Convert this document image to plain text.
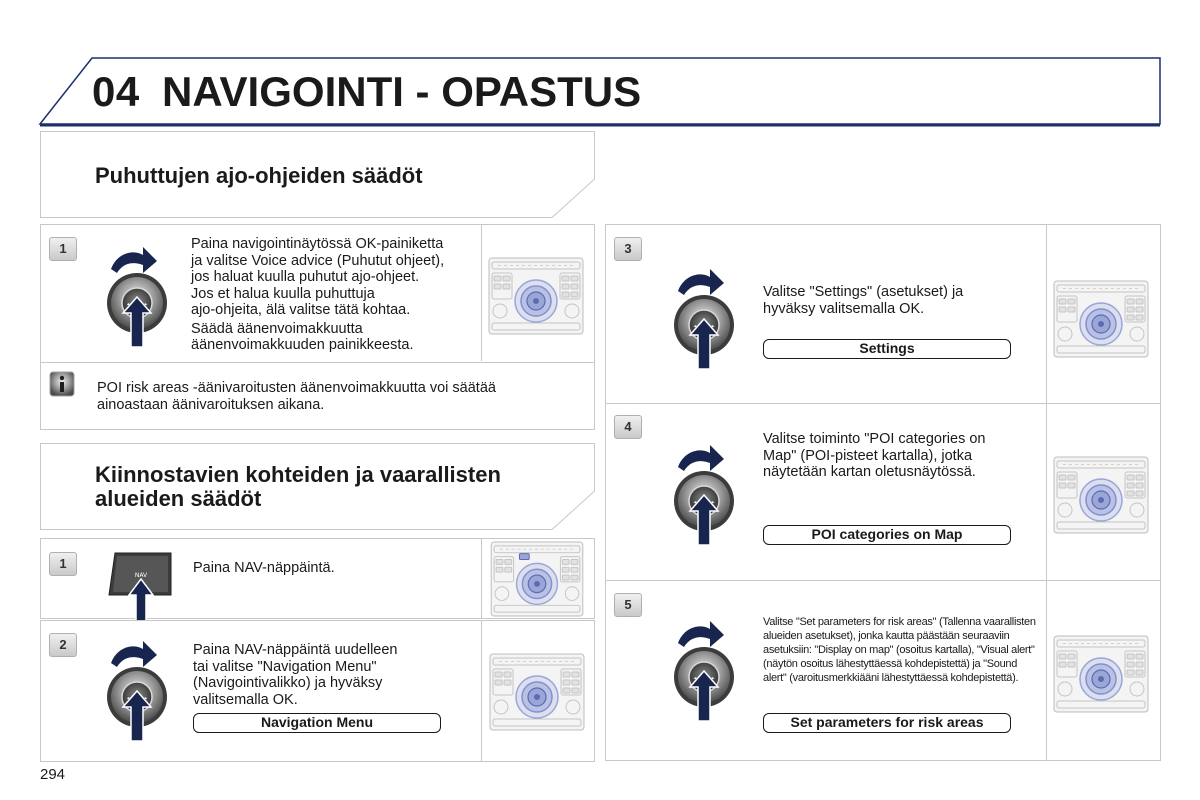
04 NAVIGOINTI - OPASTUS
Puhuttujen ajo-ohjeiden säädöt
1	Paina navigointinäytössä OK-painiketta
ja valitse Voice advice (Puhutut ohjeet),
jos haluat kuulla puhutut ajo-ohjeet.
Jos et halua kuulla puhuttuja
ajo-ohjeita, älä valitse tätä kohtaa.

Säädä äänenvoimakkuutta
äänenvoimakkuuden painikkeesta.

POI risk areas -äänivaroitusten äänenvoimakkuutta voi säätää
ainoastaan äänivaroituksen aikana.
Kiinnostavien kohteiden ja vaarallisten
alueiden säädöt
1
NAV	Paina NAV-näppäintä.
2	Paina NAV-näppäintä uudelleen
tai valitse "Navigation Menu"
(Navigointivalikko) ja hyväksy
valitsemalla OK.
Navigation Menu
3
Valitse "Settings" (asetukset) ja
hyväksy valitsemalla OK.
Settings
4
Valitse toiminto "POI categories on
Map" (POI-pisteet kartalla), jotka
näytetään kartan oletusnäytössä.
POI categories on Map
5
Valitse "Set parameters for risk areas" (Tallenna vaarallisten
alueiden asetukset), jonka kautta päästään seuraaviin
asetuksiin: "Display on map" (osoitus kartalla), "Visual alert"
(näytön osoitus lähestyttäessä kohdepistettä) ja "Sound
alert" (varoitusmerkkiääni lähestyttäessä kohdepistettä).
Set parameters for risk areas
294
